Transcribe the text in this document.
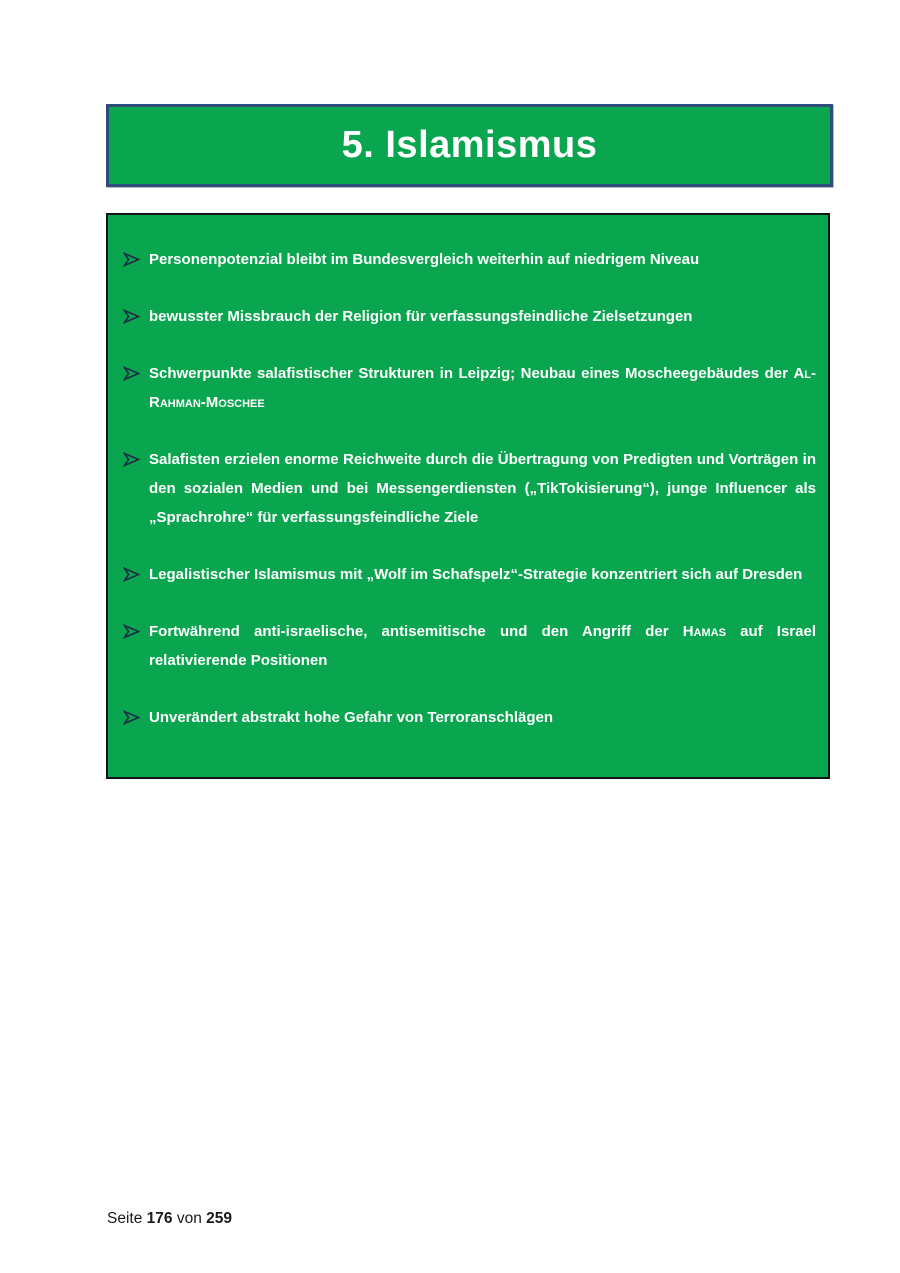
5. Islamismus

Personenpotenzial bleibt im Bundesvergleich weiterhin auf niedrigem Niveau

bewusster Missbrauch der Religion für verfassungsfeindliche Zielsetzungen

Schwerpunkte salafistischer Strukturen in Leipzig; Neubau eines Moscheegebäudes der Al-Rahman-Moschee

Salafisten erzielen enorme Reichweite durch die Übertragung von Predigten und Vorträgen in den sozialen Medien und bei Messengerdiensten („TikTokisierung“), junge Influencer als „Sprachrohre“ für verfassungsfeindliche Ziele

Legalistischer Islamismus mit „Wolf im Schafspelz“-Strategie konzentriert sich auf Dresden

Fortwährend anti-israelische, antisemitische und den Angriff der Hamas auf Israel relativierende Positionen

Unverändert abstrakt hohe Gefahr von Terroranschlägen

Seite 176 von 259
